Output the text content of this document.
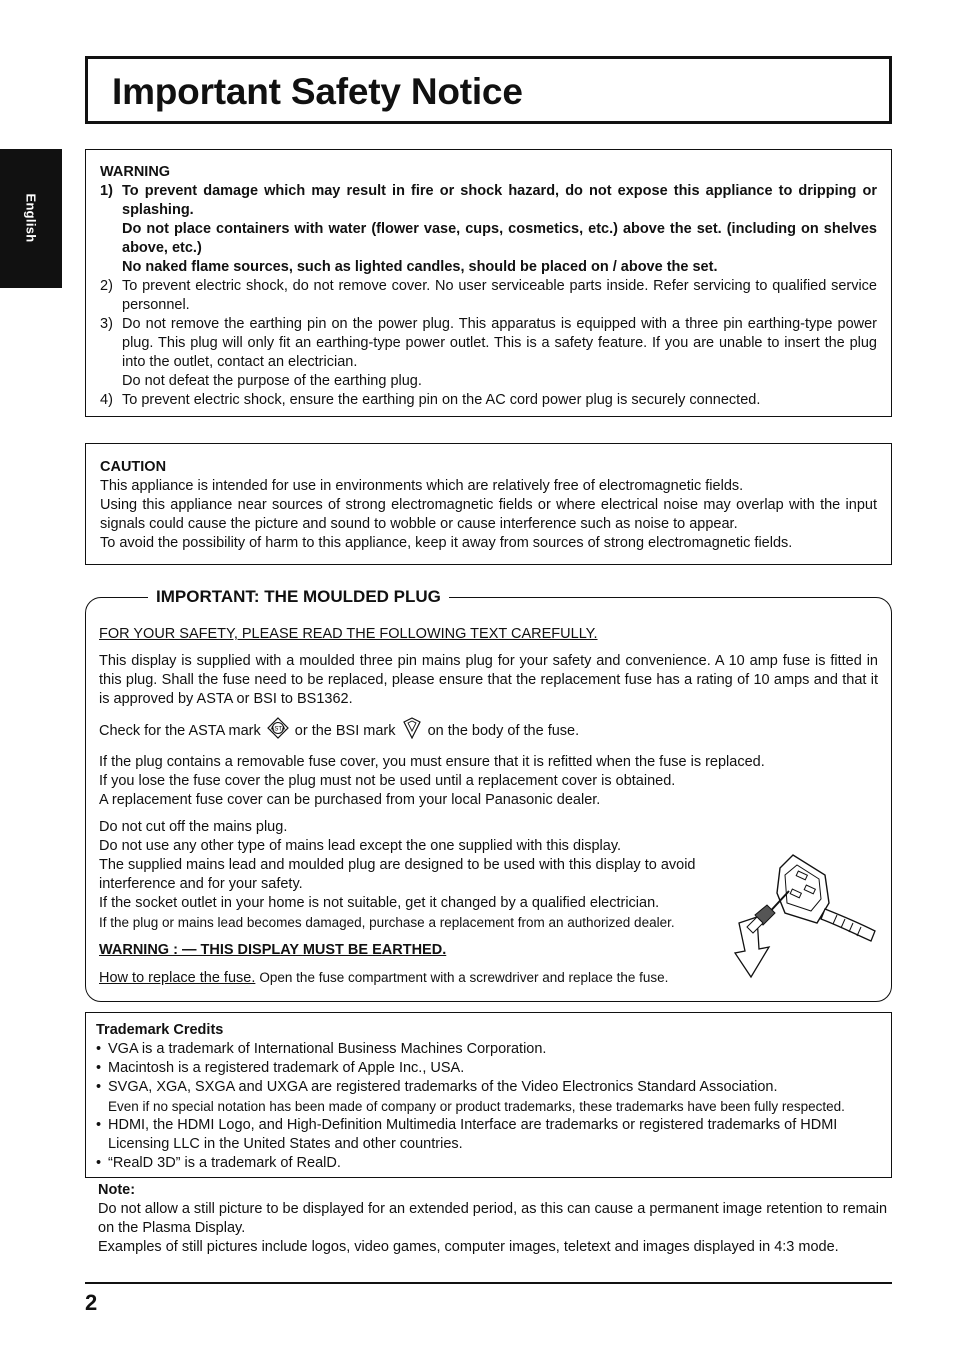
English
Important Safety Notice
WARNING
1) To prevent damage which may result in fire or shock hazard, do not expose this appliance to dripping or splashing.
Do not place containers with water (flower vase, cups, cosmetics, etc.) above the set. (including on shelves above, etc.)
No naked flame sources, such as lighted candles, should be placed on / above the set.
2) To prevent electric shock, do not remove cover. No user serviceable parts inside. Refer servicing to qualified service personnel.
3) Do not remove the earthing pin on the power plug. This apparatus is equipped with a three pin earthing-type power plug. This plug will only fit an earthing-type power outlet. This is a safety feature. If you are unable to insert the plug into the outlet, contact an electrician.
Do not defeat the purpose of the earthing plug.
4) To prevent electric shock, ensure the earthing pin on the AC cord power plug is securely connected.
CAUTION
This appliance is intended for use in environments which are relatively free of electromagnetic fields.
Using this appliance near sources of strong electromagnetic fields or where electrical noise may overlap with the input signals could cause the picture and sound to wobble or cause interference such as noise to appear.
To avoid the possibility of harm to this appliance, keep it away from sources of strong electromagnetic fields.
IMPORTANT: THE MOULDED PLUG

FOR YOUR SAFETY, PLEASE READ THE FOLLOWING TEXT CAREFULLY.

This display is supplied with a moulded three pin mains plug for your safety and convenience. A 10 amp fuse is fitted in this plug. Shall the fuse need to be replaced, please ensure that the replacement fuse has a rating of 10 amps and that it is approved by ASTA or BSI to BS1362.

Check for the ASTA mark ASTA or the BSI mark on the body of the fuse.

If the plug contains a removable fuse cover, you must ensure that it is refitted when the fuse is replaced.
If you lose the fuse cover the plug must not be used until a replacement cover is obtained.
A replacement fuse cover can be purchased from your local Panasonic dealer.

Do not cut off the mains plug.
Do not use any other type of mains lead except the one supplied with this display.
The supplied mains lead and moulded plug are designed to be used with this display to avoid interference and for your safety.
If the socket outlet in your home is not suitable, get it changed by a qualified electrician.
If the plug or mains lead becomes damaged, purchase a replacement from an authorized dealer.

WARNING : — THIS DISPLAY MUST BE EARTHED.

How to replace the fuse. Open the fuse compartment with a screwdriver and replace the fuse.

Trademark Credits
• VGA is a trademark of International Business Machines Corporation.
• Macintosh is a registered trademark of Apple Inc., USA.
• SVGA, XGA, SXGA and UXGA are registered trademarks of the Video Electronics Standard Association.
Even if no special notation has been made of company or product trademarks, these trademarks have been fully respected.
• HDMI, the HDMI Logo, and High-Definition Multimedia Interface are trademarks or registered trademarks of HDMI Licensing LLC in the United States and other countries.
• “RealD 3D” is a trademark of RealD.
Note:
Do not allow a still picture to be displayed for an extended period, as this can cause a permanent image retention to remain on the Plasma Display.
Examples of still pictures include logos, video games, computer images, teletext and images displayed in 4:3 mode.
2
